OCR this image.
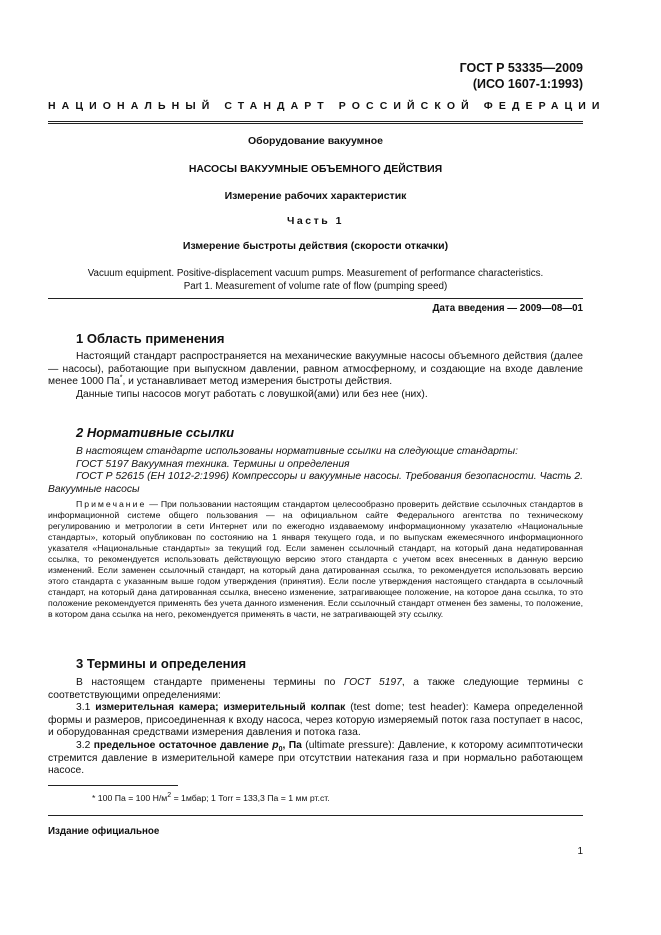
ГОСТ Р 53335—2009
(ИСО 1607-1:1993)
НАЦИОНАЛЬНЫЙ СТАНДАРТ РОССИЙСКОЙ ФЕДЕРАЦИИ
Оборудование вакуумное
НАСОСЫ ВАКУУМНЫЕ ОБЪЕМНОГО ДЕЙСТВИЯ
Измерение рабочих характеристик
Часть 1
Измерение быстроты действия (скорости откачки)
Vacuum equipment. Positive-displacement vacuum pumps. Measurement of performance characteristics.
Part 1. Measurement of volume rate of flow (pumping speed)
Дата введения — 2009—08—01
1 Область применения

Настоящий стандарт распространяется на механические вакуумные насосы объемного действия (далее — насосы), работающие при выпускном давлении, равном атмосферному, и создающие на входе давление менее 1000 Па*, и устанавливает метод измерения быстроты действия.

Данные типы насосов могут работать с ловушкой(ами) или без нее (них).

2 Нормативные ссылки

В настоящем стандарте использованы нормативные ссылки на следующие стандарты:

ГОСТ 5197 Вакуумная техника. Термины и определения

ГОСТ Р 52615 (ЕН 1012-2:1996) Компрессоры и вакуумные насосы. Требования безопасности. Часть 2. Вакуумные насосы

Примечание — При пользовании настоящим стандартом целесообразно проверить действие ссылочных стандартов в информационной системе общего пользования — на официальном сайте Федерального агентства по техническому регулированию и метрологии в сети Интернет или по ежегодно издаваемому информационному указателю «Национальные стандарты», который опубликован по состоянию на 1 января текущего года, и по выпускам ежемесячного информационного указателя «Национальные стандарты» за текущий год. Если заменен ссылочный стандарт, на который дана недатированная ссылка, то рекомендуется использовать действующую версию этого стандарта с учетом всех внесенных в данную версию изменений. Если заменен ссылочный стандарт, на который дана датированная ссылка, то рекомендуется использовать версию этого стандарта с указанным выше годом утверждения (принятия). Если после утверждения настоящего стандарта в ссылочный стандарт, на который дана датированная ссылка, внесено изменение, затрагивающее положение, на которое дана ссылка, то это положение рекомендуется применять без учета данного изменения. Если ссылочный стандарт отменен без замены, то положение, в котором дана ссылка на него, рекомендуется применять в части, не затрагивающей эту ссылку.

3 Термины и определения

В настоящем стандарте применены термины по ГОСТ 5197, а также следующие термины с соответствующими определениями:

3.1 измерительная камера; измерительный колпак (test dome; test header): Камера определенной формы и размеров, присоединенная к входу насоса, через которую измеряемый поток газа поступает в насос, и оборудованная средствами измерения давления и потока газа.

3.2 предельное остаточное давление $p_0$, Па (ultimate pressure): Давление, к которому асимптотически стремится давление в измерительной камере при отсутствии натекания газа и при нормально работающем насосе.

* 100 Па = 100 $Н/м^2$ = 1мбар; 1 Torr = 133,3 Па = 1 мм рт.ст.
Издание официальное
1
